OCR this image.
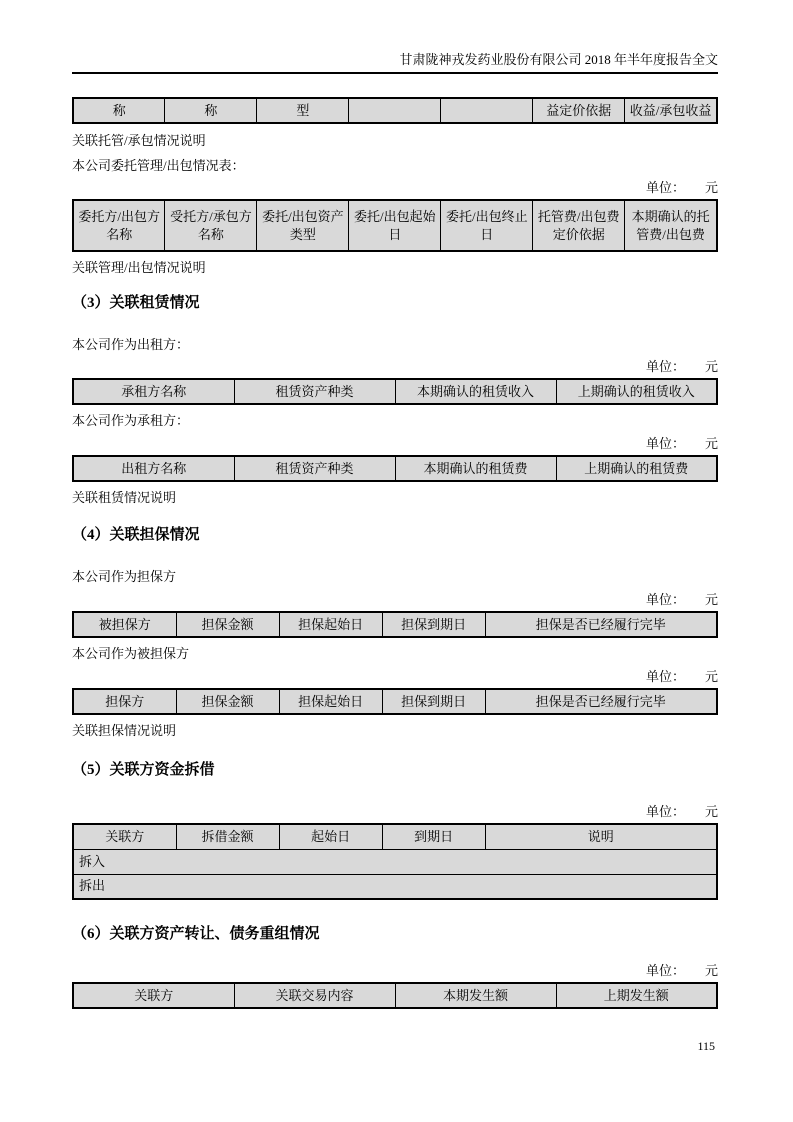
甘肃陇神戎发药业股份有限公司 2018 年半年度报告全文
称	称	型			益定价依据	收益/承包收益

关联托管/承包情况说明

本公司委托管理/出包情况表：

单位： 元
委托方/出包方名称	受托方/承包方名称	委托/出包资产类型	委托/出包起始日	委托/出包终止日	托管费/出包费定价依据	本期确认的托管费/出包费

关联管理/出包情况说明

（3）关联租赁情况

本公司作为出租方：

单位： 元
承租方名称	租赁资产种类	本期确认的租赁收入	上期确认的租赁收入

本公司作为承租方：

单位： 元
出租方名称	租赁资产种类	本期确认的租赁费	上期确认的租赁费

关联租赁情况说明

（4）关联担保情况

本公司作为担保方

单位： 元
被担保方	担保金额	担保起始日	担保到期日	担保是否已经履行完毕

本公司作为被担保方

单位： 元
担保方	担保金额	担保起始日	担保到期日	担保是否已经履行完毕

关联担保情况说明

（5）关联方资金拆借
单位： 元
关联方	拆借金额	起始日	到期日	说明
拆入
拆出
（6）关联方资产转让、债务重组情况
单位： 元
关联方	关联交易内容	本期发生额	上期发生额
115
